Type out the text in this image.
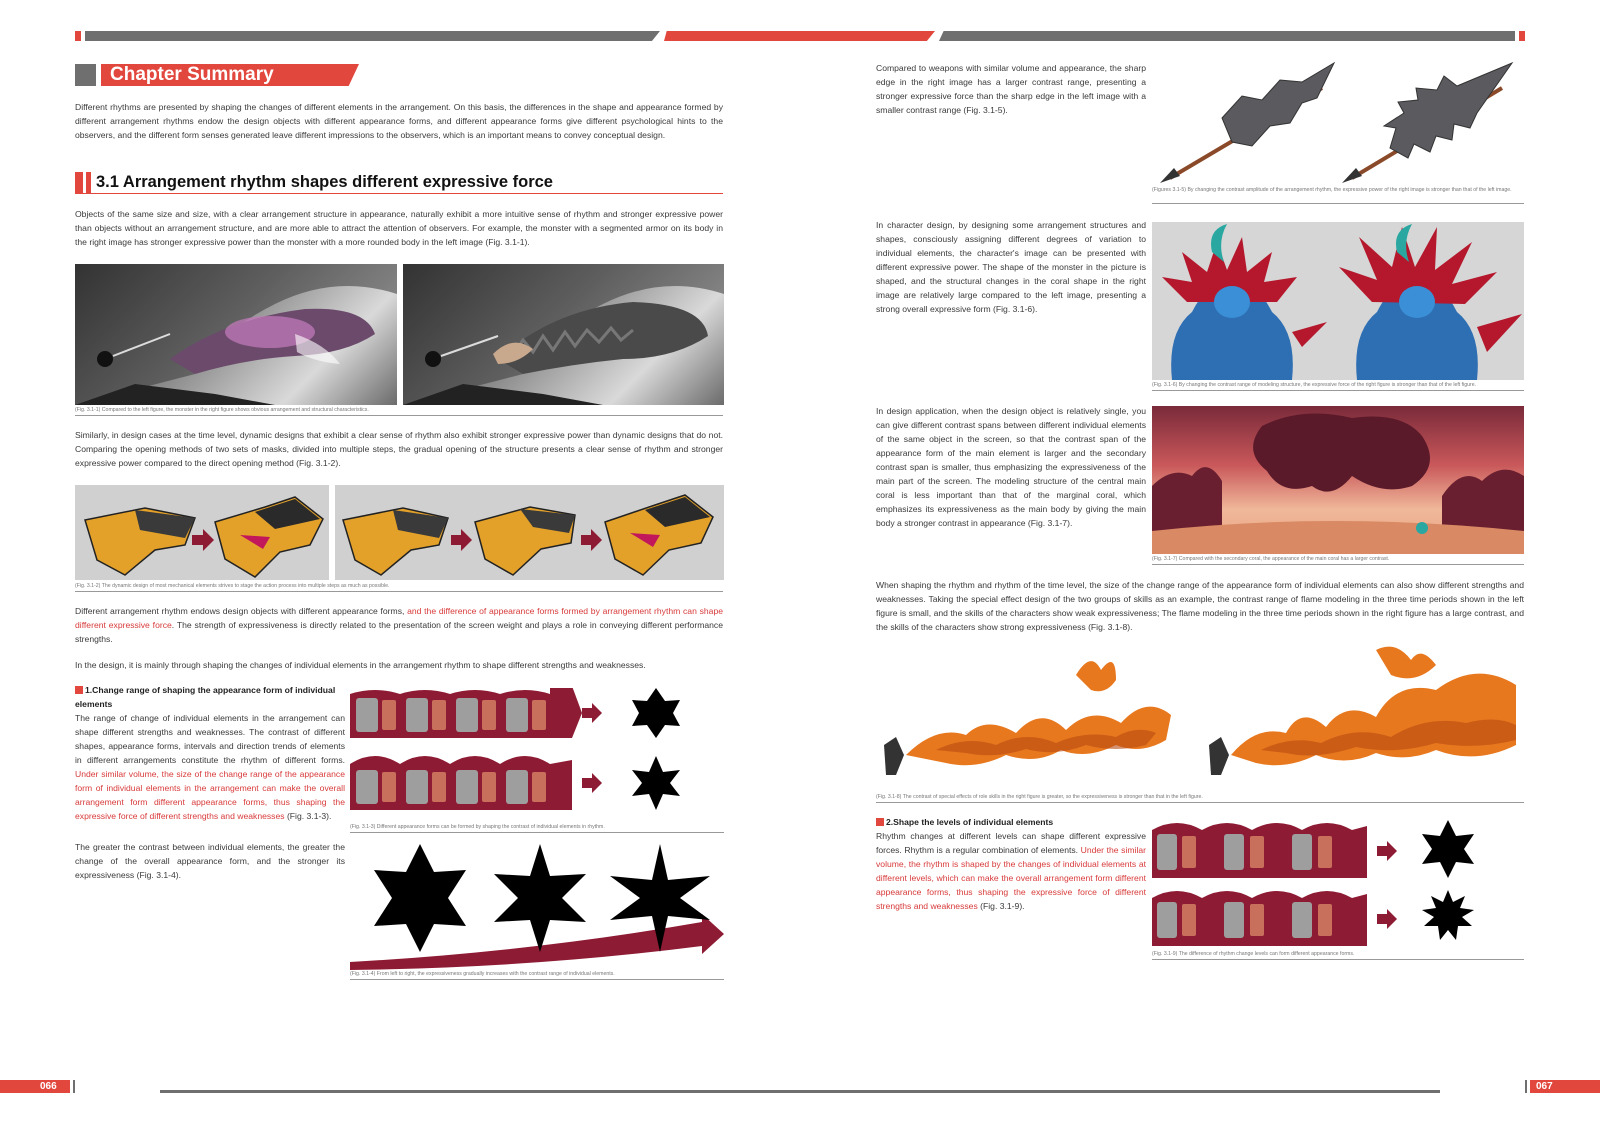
Chapter Summary
Different rhythms are presented by shaping the changes of different elements in the arrangement. On this basis, the differences in the shape and appearance formed by different arrangement rhythms endow the design objects with different appearance forms, and different appearance forms give different psychological hints to the observers, and the different form senses generated leave different impressions to the observers, which is an important means to convey conceptual design.
3.1 Arrangement rhythm shapes different expressive force
Objects of the same size and size, with a clear arrangement structure in appearance, naturally exhibit a more intuitive sense of rhythm and stronger expressive power than objects without an arrangement structure, and are more able to attract the attention of observers. For example, the monster with a segmented armor on its body in the right image has stronger expressive power than the monster with a more rounded body in the left image (Fig. 3.1-1).
(Fig. 3.1-1) Compared to the left figure, the monster in the right figure shows obvious arrangement and structural characteristics.
Similarly, in design cases at the time level, dynamic designs that exhibit a clear sense of rhythm also exhibit stronger expressive power than dynamic designs that do not. Comparing the opening methods of two sets of masks, divided into multiple steps, the gradual opening of the structure presents a clear sense of rhythm and stronger expressive power compared to the direct opening method (Fig. 3.1-2).
(Fig. 3.1-2) The dynamic design of most mechanical elements strives to stage the action process into multiple steps as much as possible.
Different arrangement rhythm endows design objects with different appearance forms, and the difference of appearance forms formed by arrangement rhythm can shape different expressive force. The strength of expressiveness is directly related to the presentation of the screen weight and plays a role in conveying different performance strengths.
In the design, it is mainly through shaping the changes of individual elements in the arrangement rhythm to shape different strengths and weaknesses.
1.Change range of shaping the appearance form of individual elements
The range of change of individual elements in the arrangement can shape different strengths and weaknesses. The contrast of different shapes, appearance forms, intervals and direction trends of elements in different arrangements constitute the rhythm of different forms. Under similar volume, the size of the change range of the appearance form of individual elements in the arrangement can make the overall arrangement form different appearance forms, thus shaping the expressive force of different strengths and weaknesses (Fig. 3.1-3).
(Fig. 3.1-3) Different appearance forms can be formed by shaping the contrast of individual elements in rhythm.
The greater the contrast between individual elements, the greater the change of the overall appearance form, and the stronger its expressiveness (Fig. 3.1-4).
(Fig. 3.1-4) From left to right, the expressiveness gradually increases with the contrast range of individual elements.
Compared to weapons with similar volume and appearance, the sharp edge in the right image has a larger contrast range, presenting a stronger expressive force than the sharp edge in the left image with a smaller contrast range (Fig. 3.1-5).
(Figures 3.1-5) By changing the contrast amplitude of the arrangement rhythm, the expressive power of the right image is stronger than that of the left image.
In character design, by designing some arrangement structures and shapes, consciously assigning different degrees of variation to individual elements, the character's image can be presented with different expressive power. The shape of the monster in the picture is shaped, and the structural changes in the coral shape in the right image are relatively large compared to the left image, presenting a strong overall expressive form (Fig. 3.1-6).
(Fig. 3.1-6) By changing the contrast range of modeling structure, the expressive force of the right figure is stronger than that of the left figure.
In design application, when the design object is relatively single, you can give different contrast spans between different individual elements of the same object in the screen, so that the contrast span of the appearance form of the main element is larger and the secondary contrast span is smaller, thus emphasizing the expressiveness of the main part of the screen. The modeling structure of the central main coral is less important than that of the marginal coral, which emphasizes its expressiveness as the main body by giving the main body a stronger contrast in appearance (Fig. 3.1-7).
(Fig. 3.1-7) Compared with the secondary coral, the appearance of the main coral has a larger contrast.
When shaping the rhythm and rhythm of the time level, the size of the change range of the appearance form of individual elements can also show different strengths and weaknesses. Taking the special effect design of the two groups of skills as an example, the contrast range of flame modeling in the three time periods shown in the left figure is small, and the skills of the characters show weak expressiveness; The flame modeling in the three time periods shown in the right figure has a large contrast, and the skills of the characters show strong expressiveness (Fig. 3.1-8).
(Fig. 3.1-8) The contrast of special effects of role skills in the right figure is greater, so the expressiveness is stronger than that in the left figure.
2.Shape the levels of individual elements
Rhythm changes at different levels can shape different expressive forces. Rhythm is a regular combination of elements. Under the similar volume, the rhythm is shaped by the changes of individual elements at different levels, which can make the overall arrangement form different appearance forms, thus shaping the expressive force of different strengths and weaknesses (Fig. 3.1-9).
(Fig. 3.1-9) The difference of rhythm change levels can form different appearance forms.
066	067
